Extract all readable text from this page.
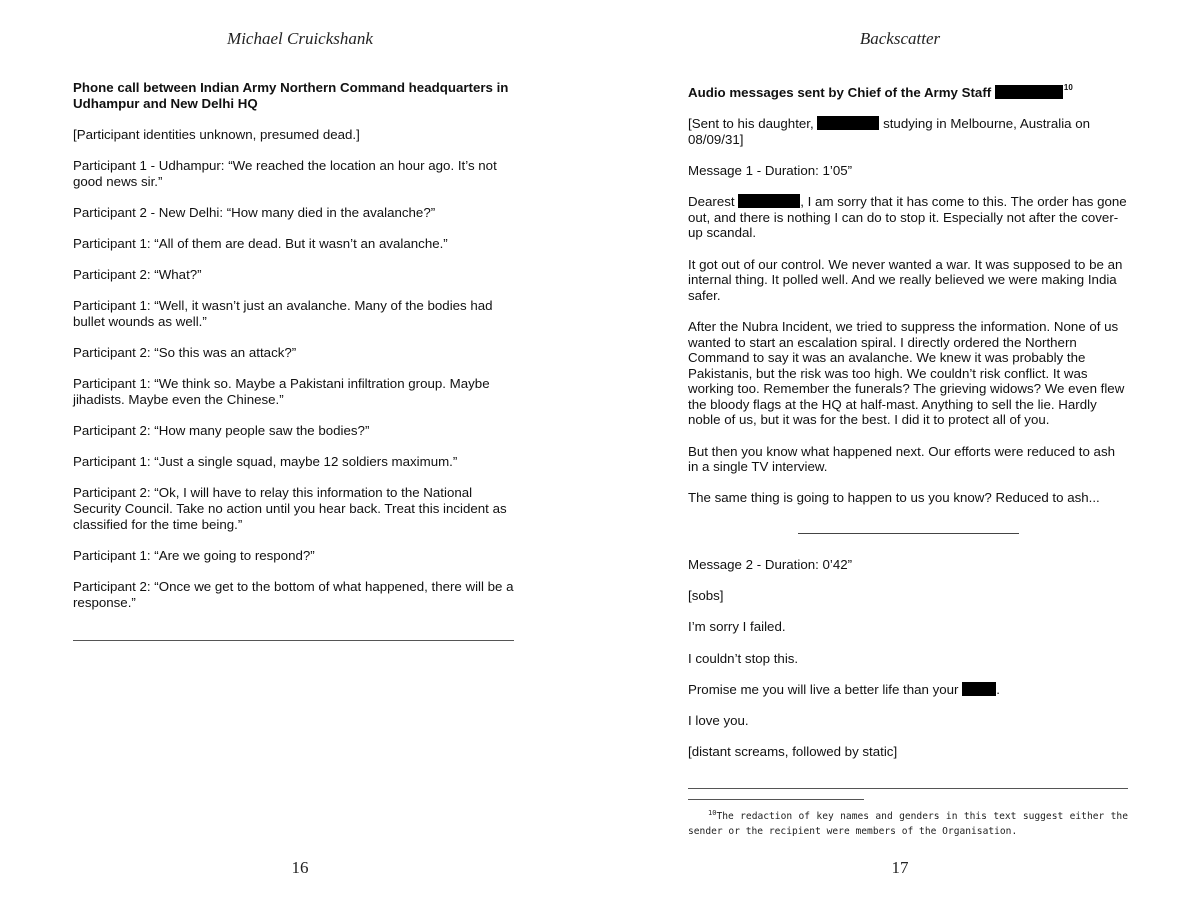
Michael Cruickshank
Phone call between Indian Army Northern Command headquarters in Udhampur and New Delhi HQ
[Participant identities unknown, presumed dead.]
Participant 1 - Udhampur: “We reached the location an hour ago. It’s not good news sir.”
Participant 2 - New Delhi: “How many died in the avalanche?”
Participant 1: “All of them are dead. But it wasn’t an avalanche.”
Participant 2: “What?”
Participant 1: “Well, it wasn’t just an avalanche. Many of the bodies had bullet wounds as well.”
Participant 2: “So this was an attack?”
Participant 1: “We think so. Maybe a Pakistani infiltration group. Maybe jihadists. Maybe even the Chinese.”
Participant 2: “How many people saw the bodies?”
Participant 1: “Just a single squad, maybe 12 soldiers maximum.”
Participant 2: “Ok, I will have to relay this information to the National Security Council. Take no action until you hear back. Treat this incident as classified for the time being.”
Participant 1: “Are we going to respond?”
Participant 2: “Once we get to the bottom of what happened, there will be a response.”
16
Backscatter
Audio messages sent by Chief of the Army Staff	$^{10}$
[Sent to his daughter,	studying in Melbourne, Australia on 08/09/31]
Message 1 - Duration: 1’05”
Dearest	, I am sorry that it has come to this. The order has gone out, and there is nothing I can do to stop it. Especially not after the cover-up scandal.
It got out of our control. We never wanted a war. It was supposed to be an internal thing. It polled well. And we really believed we were making India safer.
After the Nubra Incident, we tried to suppress the information. None of us wanted to start an escalation spiral. I directly ordered the Northern Command to say it was an avalanche. We knew it was probably the Pakistanis, but the risk was too high. We couldn’t risk conflict. It was working too. Remember the funerals? The grieving widows? We even flew the bloody flags at the HQ at half-mast. Anything to sell the lie. Hardly noble of us, but it was for the best. I did it to protect all of you.
But then you know what happened next. Our efforts were reduced to ash in a single TV interview.
The same thing is going to happen to us you know? Reduced to ash...
Message 2 - Duration: 0’42”
[sobs]
I’m sorry I failed.
I couldn’t stop this.
Promise me you will live a better life than your	.
I love you.
[distant screams, followed by static]
$^{10}$The redaction of key names and genders in this text suggest either the sender or the recipient were members of the Organisation.
17
